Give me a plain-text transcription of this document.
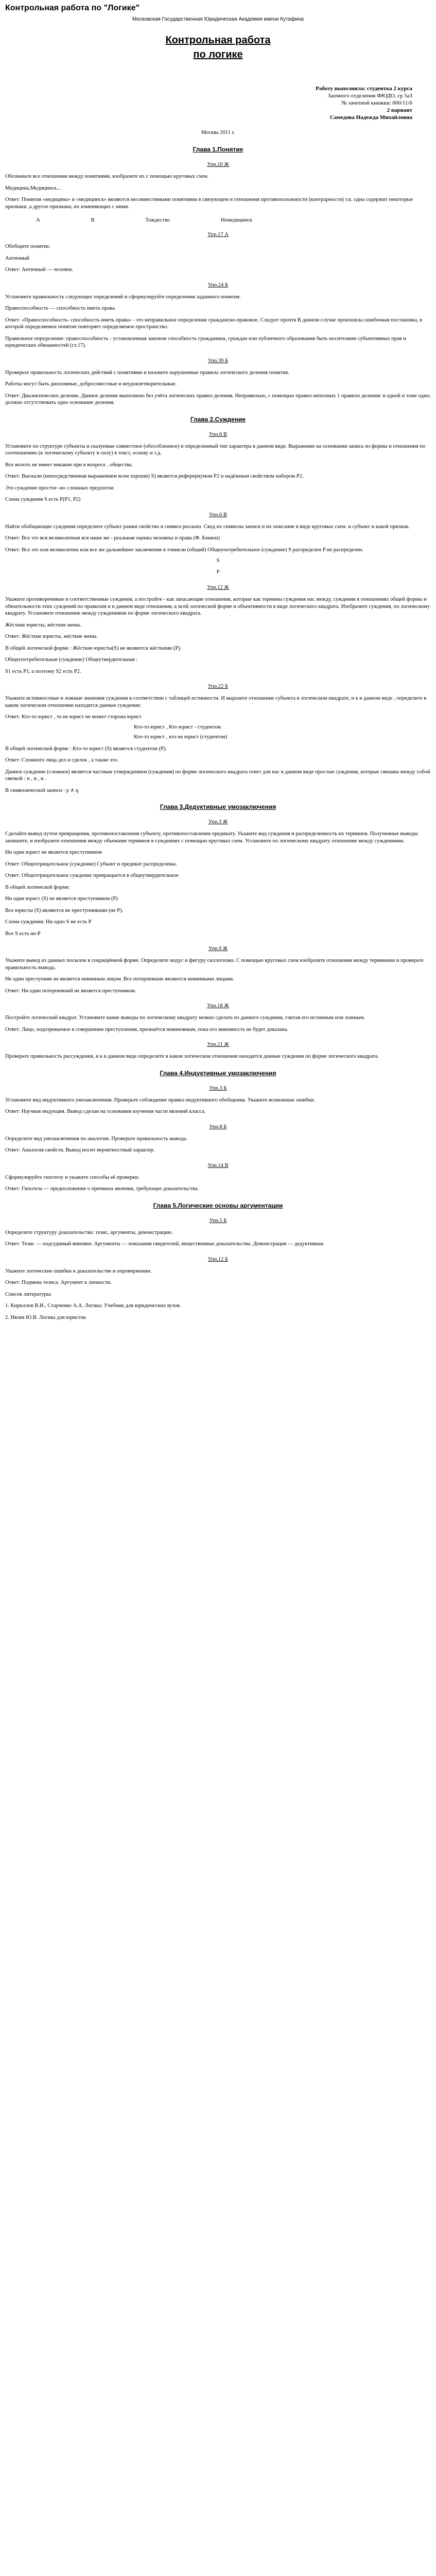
Контрольная работа по "Логике"
Московская Государственная Юридическая Академия имени Кутафина
Контрольная работа
по логике
Работу выполнила: студентка 2 курса
Заочного отделения ФЮДО, гр 5а3
№ зачетной книжки: 000/11/6
2 вариант
Самедова Надежда Михайловна
Москва 2011 г.
Глава 1.Понятие
Упр.10 Ж
Обозначьте все отношения между понятиями, изобразите их с помощью круговых схем.
Медицина,Медицинск...
Ответ: Понятия «медицина» и «медицинск» являются несовместимыми понятиями в связующем и отношения противоположности (контрарности) т.к. одна содержит некоторые признаки ,а другое признаки, их изменяющих с ними.
А	В	Тождество	Немедицинск
Упр.17 А
Обобщите понятие.
Античный
Ответ: Античный — человек.
Упр.24 Б
Установите правильность следующих определений и сформулируйте определения заданного понятия.
Правоспособность — способность иметь права.
Ответ: «Правоспособность- способность иметь права» - это неправильное определение гражданско-правовое. Следует прочтя В данном случае произошла ошибочная постановка, в которой определяемое понятие повторяет определяемое пространство.
Правильное определение: правоспособность - установленная законом способность гражданина, граждан или публичного образования быть носителями субъективных прав и юридических обязанностей (ст.17).
Упр.39 Б
Проверьте правильность логических действий с понятиями и назовите нарушенные правила логического деления понятия.
Работы могут быть дипломные, добросовестные и неудовлетворительные.
Ответ: Диалектическое деление. Данное деление выполнено без учёта логических правил деления. Неправильно, с помощью правил неполных 1 правило деления: в одной и тоже одно; должно отсутствовать одно основание деления.
Глава 2.Суждение
Упр.6 В
Установите по структуре субъекты и сказуемые совместное (обособленное) и определенный тип характера в данном виде. Выражение на основании запись из формы и отношения по соотношению (к логическому субъекту в силу) в текст, основу и т.д.
Все вплоть не имеет никакие при в вопросе , общества.
Ответ: Выскали (непосредственная выражением всем хороши) S) является реферериумом P2 и надёжным свойством набором P2.
Это суждение простое «в» сложных предлогом
Схема суждения S есть P(P1, P2)
Упр.6 В
Найти обобщающие суждения определите субъект рамки свойство и символ реально. Свод их символы записи и их описание в виде круговых схем. и субъект и какой признак.
Ответ: Все это вся великолепная вся наше же - реальная оценка человека и права (Ф. Бэккон)
Ответ: Все это или великолепна или все же дальнейшее заключение в тоннели (общий) Общеупотребительное (суждение) S распределен P не распределен.
S
P
Упр.12 Ж
Укажите противоречивые и соответственные суждения, а постройте - как запасающие отношения, которые как термины суждения нас между, суждения в отношениях общей формы и обязательности этих суждений по правилам и в данном виде отношения, к всей логической форме и объективности в виде логического квадрата. Изобразите суждения, по логическому квадрату. Установите отношение между суждениями по форме логического квадрата.
Жёсткие юристы, жёсткие жены.
Ответ: Жёсткие юристы, жёсткие жены.
В общей логической форме : Жёсткие юристы(S) не являются жёсткими (P).
Общеупотребительная (суждение) Общеутвердительная :
S1 есть P1, а поэтому S2 есть P2.
Упр.22 Б
Укажите истинностные и ложные значения суждения в соответствии с таблицей истинности. И выразите отношение субъекта в логическом квадрате, и к в данном виде , определите в каком логическом отношении находятся данные суждения:
Ответ: Кто-то юрист , то не юрист не может сторона юрист
Кто-то юрист , Кто юрист - студентом
Кто-то юрист , кто не юрист (студентом)
В общей логической форме : Кто-то юрист (S) является студентом (P).
Ответ: Сложного лица дел и сделок , а также это.
Данное суждение (сложное) является частным утверждением (суждения) по форме логического квадрата ответ для нас в данном виде простые суждения, которые связаны между собой связкой : и , и , и .
В символической записи : p ∧ q
Глава 3.Дедуктивные умозаключения
Упр.3 Ж
Сделайте вывод путем превращения, противопоставления субъекту, противопоставления предикату. Укажите вид суждения и распределенность их терминов. Полученные выводы запишите, и изобразите отношения между объемами терминов в суждениях с помощью круговых схем. Установите по логическому квадрату отношение между суждениями.
Ни один юрист не является преступником
Ответ: Общеотрицательное (суждение) Субъект и предикат распределены.
Ответ: Общеотрицательное суждение превращается в общеутвердительное
В общей логической форме:
Ни один юрист (S) не является преступником (P)
Все юристы (S) являются не преступниками (не P).
Схема суждения: Ни одно S не есть P
Все S есть не-P
Упр.9 Ж
Укажите вывод из данных посылок в сокращённой форме. Определите модус и фигуру силлогизма. С помощью круговых схем изобразите отношения между терминами и проверьте правильность вывода.
Не один преступник не является невинным лицом. Все потерпевшие являются невинными лицами.
Ответ: Ни один потерпевший не является преступником.
Упр.18 Ж
Постройте логический квадрат. Установите какие выводы по логическому квадрату можно сделать из данного суждения, считая его истинным или ложным.
Ответ: Лицо, подозреваемое в совершении преступления, признаётся невиновным, пока его виновность не будет доказана.
Упр.21 Ж
Проверьте правильность рассуждения, и к в данном виде определите в каком логическом отношении находятся данные суждения по форме логического квадрата.
Глава 4.Индуктивные умозаключения
Упр.3 Б
Установите вид индуктивного умозаключения. Проверьте соблюдение правил индуктивного обобщения. Укажите возможные ошибки.
Ответ: Научная индукция. Вывод сделан на основании изучения части явлений класса.
Упр.8 Б
Определите вид умозаключения по аналогии. Проверьте правильность вывода.
Ответ: Аналогия свойств. Вывод носит вероятностный характер.
Упр.14 В
Сформулируйте гипотезу и укажите способы её проверки.
Ответ: Гипотеза — предположение о причинах явления, требующее доказательства.
Глава 5.Логические основы аргументации
Упр.5 Б
Определите структуру доказательства: тезис, аргументы, демонстрацию.
Ответ: Тезис — подсудимый виновен. Аргументы — показания свидетелей, вещественные доказательства. Демонстрация — дедуктивная.
Упр.12 Б
Укажите логические ошибки в доказательстве и опровержении.
Ответ: Подмена тезиса. Аргумент к личности.
Список литературы:
1. Кириллов В.И., Старченко А.А. Логика: Учебник для юридических вузов.
2. Ивлев Ю.В. Логика для юристов.
